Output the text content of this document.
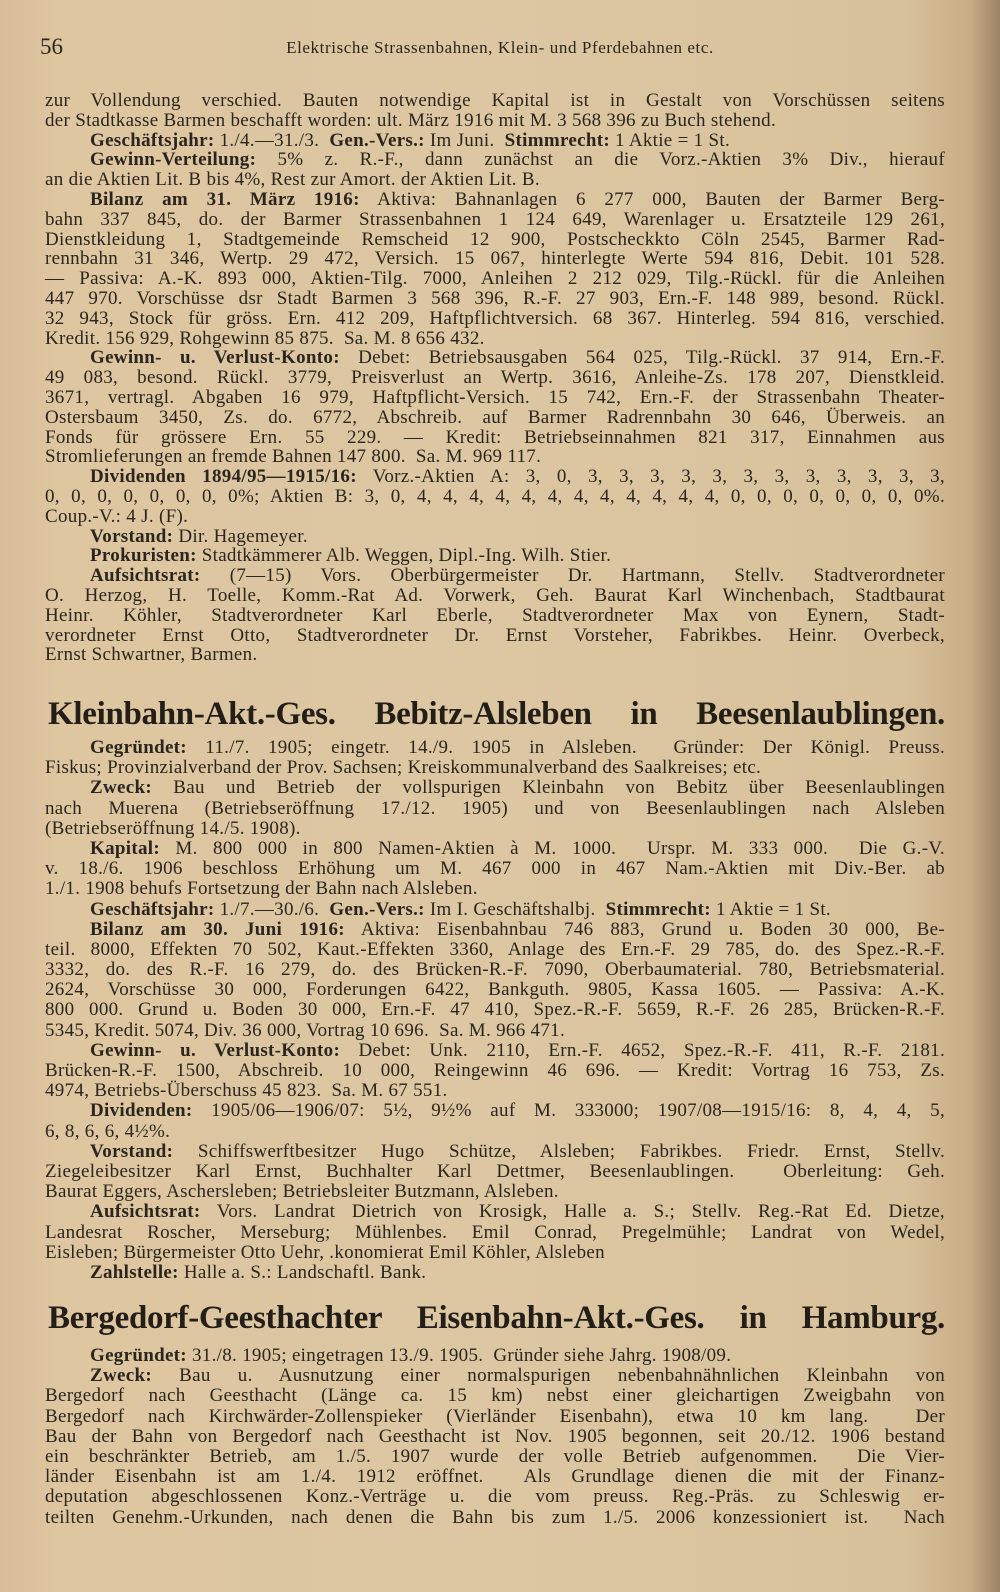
56	Elektrische Strassenbahnen, Klein- und Pferdebahnen etc.
zur Vollendung verschied. Bauten notwendige Kapital ist in Gestalt von Vorschüssen seitens
der Stadtkasse Barmen beschafft worden: ult. März 1916 mit M. 3 568 396 zu Buch stehend.
Geschäftsjahr: 1./4.—31./3.  Gen.-Vers.: Im Juni.  Stimmrecht: 1 Aktie = 1 St.
Gewinn-Verteilung: 5% z. R.-F., dann zunächst an die Vorz.-Aktien 3% Div., hierauf
an die Aktien Lit. B bis 4%, Rest zur Amort. der Aktien Lit. B.
Bilanz am 31. März 1916: Aktiva: Bahnanlagen 6 277 000, Bauten der Barmer Berg-
bahn 337 845, do. der Barmer Strassenbahnen 1 124 649, Warenlager u. Ersatzteile 129 261,
Dienstkleidung 1, Stadtgemeinde Remscheid 12 900, Postscheckkto Cöln 2545, Barmer Rad-
rennbahn 31 346, Wertp. 29 472, Versich. 15 067, hinterlegte Werte 594 816, Debit. 101 528.
— Passiva: A.-K. 893 000, Aktien-Tilg. 7000, Anleihen 2 212 029, Tilg.-Rückl. für die Anleihen
447 970. Vorschüsse dsr Stadt Barmen 3 568 396, R.-F. 27 903, Ern.-F. 148 989, besond. Rückl.
32 943, Stock für gröss. Ern. 412 209, Haftpflichtversich. 68 367. Hinterleg. 594 816, verschied.
Kredit. 156 929, Rohgewinn 85 875.  Sa. M. 8 656 432.
Gewinn- u. Verlust-Konto: Debet: Betriebsausgaben 564 025, Tilg.-Rückl. 37 914, Ern.-F.
49 083, besond. Rückl. 3779, Preisverlust an Wertp. 3616, Anleihe-Zs. 178 207, Dienstkleid.
3671, vertragl. Abgaben 16 979, Haftpflicht-Versich. 15 742, Ern.-F. der Strassenbahn Theater-
Ostersbaum 3450, Zs. do. 6772, Abschreib. auf Barmer Radrennbahn 30 646, Überweis. an
Fonds für grössere Ern. 55 229. — Kredit: Betriebseinnahmen 821 317, Einnahmen aus
Stromlieferungen an fremde Bahnen 147 800.  Sa. M. 969 117.
Dividenden 1894/95—1915/16: Vorz.-Aktien A: 3, 0, 3, 3, 3, 3, 3, 3, 3, 3, 3, 3, 3, 3,
0, 0, 0, 0, 0, 0, 0, 0%; Aktien B: 3, 0, 4, 4, 4, 4, 4, 4, 4, 4, 4, 4, 4, 4, 0, 0, 0, 0, 0, 0, 0, 0%.
Coup.-V.: 4 J. (F).
Vorstand: Dir. Hagemeyer.
Prokuristen: Stadtkämmerer Alb. Weggen, Dipl.-Ing. Wilh. Stier.
Aufsichtsrat: (7—15) Vors. Oberbürgermeister Dr. Hartmann, Stellv. Stadtverordneter
O. Herzog, H. Toelle, Komm.-Rat Ad. Vorwerk, Geh. Baurat Karl Winchenbach, Stadtbaurat
Heinr. Köhler, Stadtverordneter Karl Eberle, Stadtverordneter Max von Eynern, Stadt-
verordneter Ernst Otto, Stadtverordneter Dr. Ernst Vorsteher, Fabrikbes. Heinr. Overbeck,
Ernst Schwartner, Barmen.
Kleinbahn-Akt.-Ges. Bebitz-Alsleben in Beesenlaublingen.
Gegründet: 11./7. 1905; eingetr. 14./9. 1905 in Alsleben.  Gründer: Der Königl. Preuss.
Fiskus; Provinzialverband der Prov. Sachsen; Kreiskommunalverband des Saalkreises; etc.
Zweck: Bau und Betrieb der vollspurigen Kleinbahn von Bebitz über Beesenlaublingen
nach Muerena (Betriebseröffnung 17./12. 1905) und von Beesenlaublingen nach Alsleben
(Betriebseröffnung 14./5. 1908).
Kapital: M. 800 000 in 800 Namen-Aktien à M. 1000.  Urspr. M. 333 000.  Die G.-V.
v. 18./6. 1906 beschloss Erhöhung um M. 467 000 in 467 Nam.-Aktien mit Div.-Ber. ab
1./1. 1908 behufs Fortsetzung der Bahn nach Alsleben.
Geschäftsjahr: 1./7.—30./6.  Gen.-Vers.: Im I. Geschäftshalbj.  Stimmrecht: 1 Aktie = 1 St.
Bilanz am 30. Juni 1916: Aktiva: Eisenbahnbau 746 883, Grund u. Boden 30 000, Be-
teil. 8000, Effekten 70 502, Kaut.-Effekten 3360, Anlage des Ern.-F. 29 785, do. des Spez.-R.-F.
3332, do. des R.-F. 16 279, do. des Brücken-R.-F. 7090, Oberbaumaterial. 780, Betriebsmaterial.
2624, Vorschüsse 30 000, Forderungen 6422, Bankguth. 9805, Kassa 1605. — Passiva: A.-K.
800 000. Grund u. Boden 30 000, Ern.-F. 47 410, Spez.-R.-F. 5659, R.-F. 26 285, Brücken-R.-F.
5345, Kredit. 5074, Div. 36 000, Vortrag 10 696.  Sa. M. 966 471.
Gewinn- u. Verlust-Konto: Debet: Unk. 2110, Ern.-F. 4652, Spez.-R.-F. 411, R.-F. 2181.
Brücken-R.-F. 1500, Abschreib. 10 000, Reingewinn 46 696. — Kredit: Vortrag 16 753, Zs.
4974, Betriebs-Überschuss 45 823.  Sa. M. 67 551.
Dividenden: 1905/06—1906/07: 5½, 9½% auf M. 333000; 1907/08—1915/16: 8, 4, 4, 5,
6, 8, 6, 6, 4½%.
Vorstand: Schiffswerftbesitzer Hugo Schütze, Alsleben; Fabrikbes. Friedr. Ernst, Stellv.
Ziegeleibesitzer Karl Ernst, Buchhalter Karl Dettmer, Beesenlaublingen.  Oberleitung: Geh.
Baurat Eggers, Aschersleben; Betriebsleiter Butzmann, Alsleben.
Aufsichtsrat: Vors. Landrat Dietrich von Krosigk, Halle a. S.; Stellv. Reg.-Rat Ed. Dietze,
Landesrat Roscher, Merseburg; Mühlenbes. Emil Conrad, Pregelmühle; Landrat von Wedel,
Eisleben; Bürgermeister Otto Uehr, .konomierat Emil Köhler, Alsleben
Zahlstelle: Halle a. S.: Landschaftl. Bank.
Bergedorf-Geesthachter Eisenbahn-Akt.-Ges. in Hamburg.
Gegründet: 31./8. 1905; eingetragen 13./9. 1905.  Gründer siehe Jahrg. 1908/09.
Zweck: Bau u. Ausnutzung einer normalspurigen nebenbahnähnlichen Kleinbahn von
Bergedorf nach Geesthacht (Länge ca. 15 km) nebst einer gleichartigen Zweigbahn von
Bergedorf nach Kirchwärder-Zollenspieker (Vierländer Eisenbahn), etwa 10 km lang.  Der
Bau der Bahn von Bergedorf nach Geesthacht ist Nov. 1905 begonnen, seit 20./12. 1906 bestand
ein beschränkter Betrieb, am 1./5. 1907 wurde der volle Betrieb aufgenommen.  Die Vier-
länder Eisenbahn ist am 1./4. 1912 eröffnet.  Als Grundlage dienen die mit der Finanz-
deputation abgeschlossenen Konz.-Verträge u. die vom preuss. Reg.-Präs. zu Schleswig er-
teilten Genehm.-Urkunden, nach denen die Bahn bis zum 1./5. 2006 konzessioniert ist.  Nach
